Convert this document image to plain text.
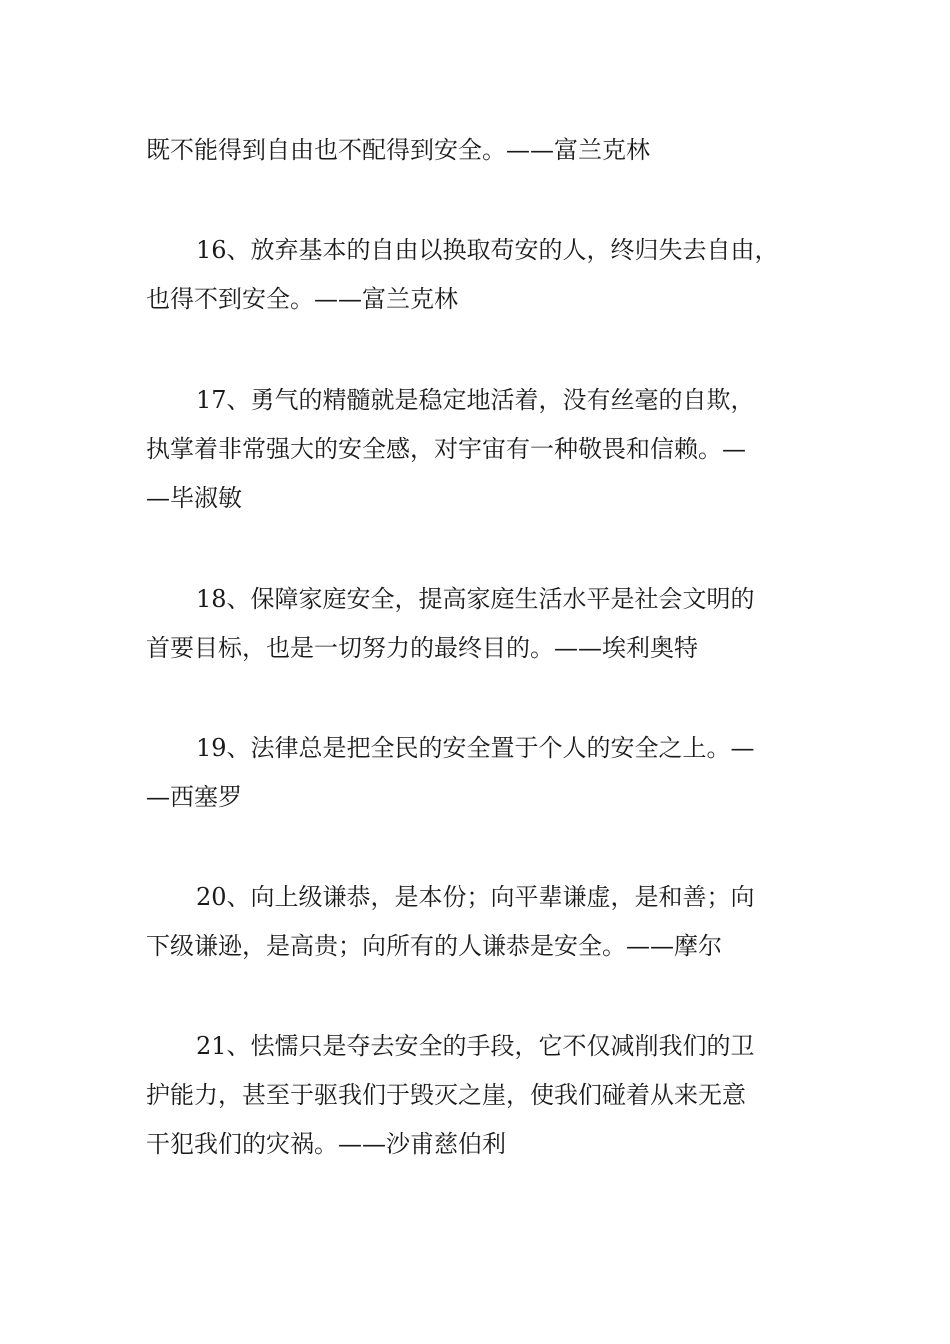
既不能得到自由也不配得到安全。——富兰克林
16、放弃基本的自由以换取苟安的人，终归失去自由，
也得不到安全。——富兰克林
17、勇气的精髓就是稳定地活着，没有丝毫的自欺，
执掌着非常强大的安全感，对宇宙有一种敬畏和信赖。—
—毕淑敏
18、保障家庭安全，提高家庭生活水平是社会文明的
首要目标，也是一切努力的最终目的。——埃利奥特
19、法律总是把全民的安全置于个人的安全之上。—
—西塞罗
20、向上级谦恭，是本份；向平辈谦虚，是和善；向
下级谦逊，是高贵；向所有的人谦恭是安全。——摩尔
21、怯懦只是夺去安全的手段，它不仅减削我们的卫
护能力，甚至于驱我们于毁灭之崖，使我们碰着从来无意
干犯我们的灾祸。——沙甫慈伯利
